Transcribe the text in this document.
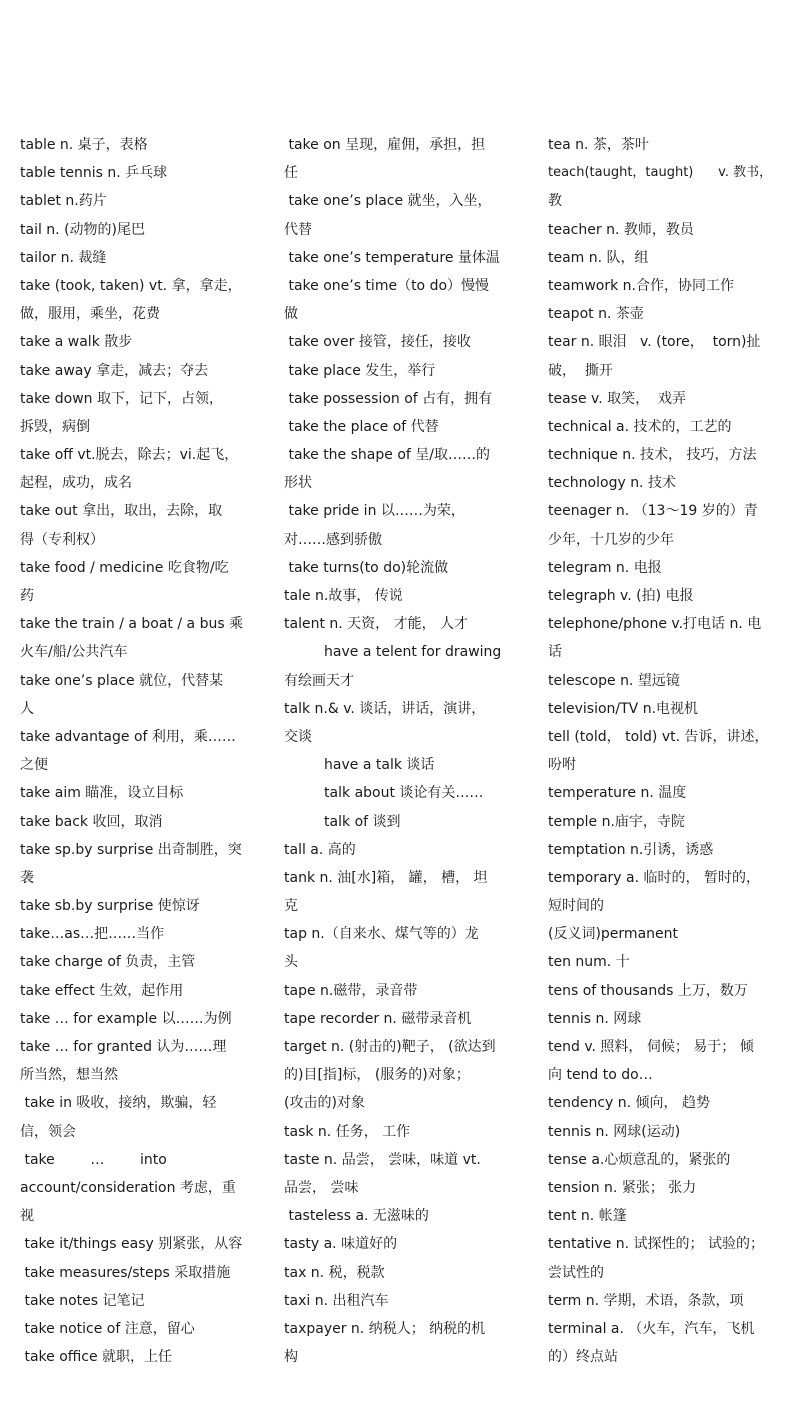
table n. 桌子，表格
table tennis n. 乒乓球
tablet n.药片
tail n. (动物的)尾巴
tailor n. 裁缝
take (took, taken) vt. 拿，拿走，
做，服用，乘坐，花费
take a walk 散步
take away 拿走，减去；夺去
take down 取下，记下，占领，
拆毁，病倒
take off vt.脱去，除去；vi.起飞，
起程，成功，成名
take out 拿出，取出，去除，取
得（专利权）
take food / medicine 吃食物/吃
药
take the train / a boat / a bus 乘
火车/船/公共汽车
take one’s place 就位，代替某
人
take advantage of 利用，乘……
之便
take aim 瞄准，设立目标
take back 收回，取消
take sp.by surprise 出奇制胜，突
袭
take sb.by surprise 使惊讶
take…as…把……当作
take charge of 负责，主管
take effect 生效，起作用
take … for example 以……为例
take … for granted 认为……理
所当然，想当然
take in 吸收，接纳，欺骗，轻
信，领会
take        …        into
account/consideration 考虑，重
视
take it/things easy 别紧张，从容
take measures/steps 采取措施
take notes 记笔记
take notice of 注意，留心
take office 就职，上任
take on 呈现，雇佣，承担，担
任
take one’s place 就坐，入坐，
代替
take one’s temperature 量体温
take one’s time（to do）慢慢
做
take over 接管，接任，接收
take place 发生，举行
take possession of 占有，拥有
take the place of 代替
take the shape of 呈/取……的
形状
take pride in 以……为荣，
对……感到骄傲
take turns(to do)轮流做
tale n.故事， 传说
talent n. 天资， 才能， 人才
have a telent for drawing
有绘画天才
talk n.& v. 谈话，讲话，演讲，
交谈
have a talk 谈话
talk about 谈论有关……
talk of 谈到
tall a. 高的
tank n. 油[水]箱， 罐， 槽， 坦
克
tap n.（自来水、煤气等的）龙
头
tape n.磁带，录音带
tape recorder n. 磁带录音机
target n. (射击的)靶子， (欲达到
的)目[指]标， (服务的)对象；
(攻击的)对象
task n. 任务， 工作
taste n. 品尝， 尝味，味道 vt.
品尝， 尝味
tasteless a. 无滋味的
tasty a. 味道好的
tax n. 税，税款
taxi n. 出租汽车
taxpayer n. 纳税人； 纳税的机
构
tea n. 茶，茶叶
teach(taught，taught)      v. 教书，
教
teacher n. 教师，教员
team n. 队，组
teamwork n.合作，协同工作
teapot n. 茶壶
tear n. 眼泪   v. (tore，  torn)扯
破，  撕开
tease v. 取笑，  戏弄
technical a. 技术的，工艺的
technique n. 技术， 技巧，方法
technology n. 技术
teenager n. （13～19 岁的）青
少年，十几岁的少年
telegram n. 电报
telegraph v. (拍) 电报
telephone/phone v.打电话 n. 电
话
telescope n. 望远镜
television/TV n.电视机
tell (told， told) vt. 告诉，讲述，
吩咐
temperature n. 温度
temple n.庙宇，寺院
temptation n.引诱，诱惑
temporary a. 临时的， 暂时的，
短时间的
(反义词)permanent
ten num. 十
tens of thousands 上万，数万
tennis n. 网球
tend v. 照料， 伺候； 易于； 倾
向 tend to do…
tendency n. 倾向， 趋势
tennis n. 网球(运动)
tense a.心烦意乱的，紧张的
tension n. 紧张； 张力
tent n. 帐篷
tentative n. 试探性的； 试验的；
尝试性的
term n. 学期，术语，条款，项
terminal a. （火车，汽车，飞机
的）终点站
